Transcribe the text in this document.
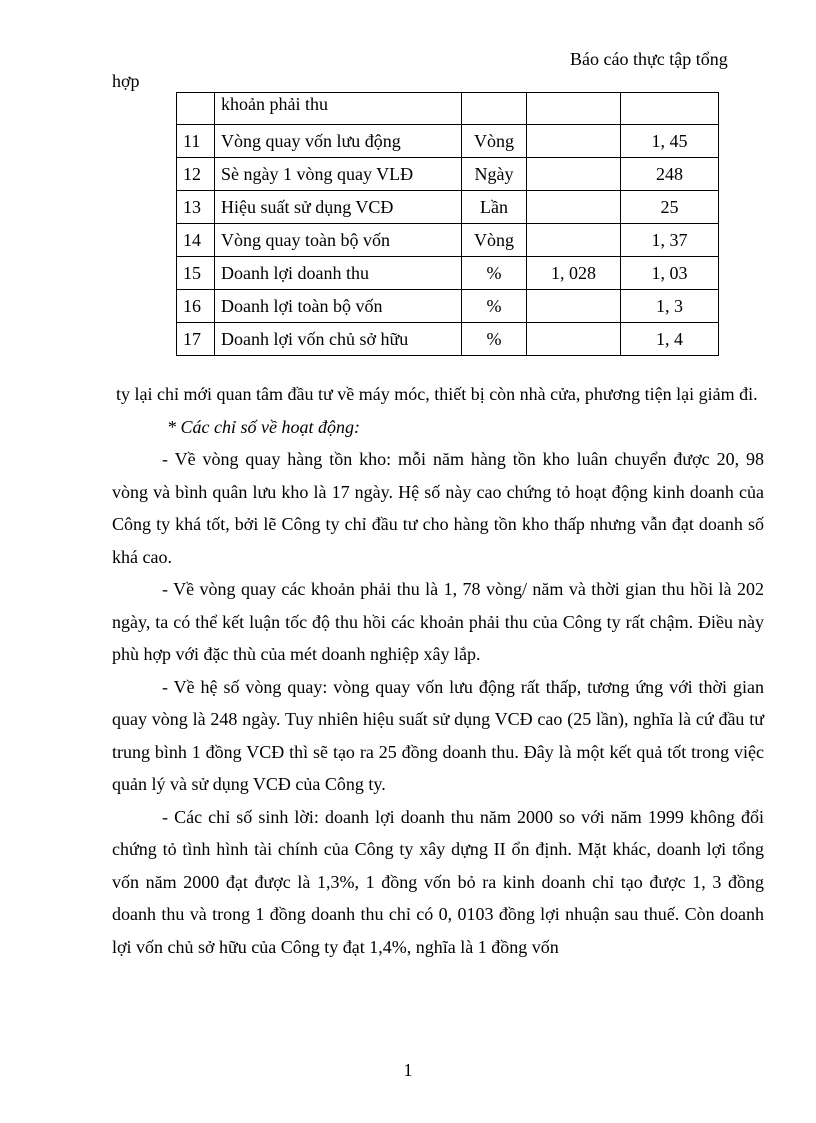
Báo cáo thực tập tổng
hợp
	khoản phải thu			
11	Vòng quay vốn lưu động	Vòng		1, 45
12	Sè ngày 1 vòng quay VLĐ	Ngày		248
13	Hiệu suất sử dụng VCĐ	Lần		25
14	Vòng quay toàn bộ vốn	Vòng		1, 37
15	Doanh lợi doanh thu	%	1, 028	1, 03
16	Doanh lợi toàn bộ vốn	%		1, 3
17	Doanh lợi vốn chủ sở hữu	%		1, 4

ty lại chỉ mới quan tâm đầu tư về máy móc, thiết bị còn nhà cửa, phương tiện lại giảm đi.

* Các chỉ số về hoạt động:

- Về vòng quay hàng tồn kho: mỗi năm hàng tồn kho luân chuyển được 20, 98 vòng và bình quân lưu kho là 17 ngày. Hệ số này cao chứng tỏ hoạt động kinh doanh của Công ty khá tốt, bởi lẽ Công ty chỉ đầu tư cho hàng tồn kho thấp nhưng vẫn đạt doanh số khá cao.

- Về vòng quay các khoản phải thu là 1, 78 vòng/ năm và thời gian thu hồi là 202 ngày, ta có thể kết luận tốc độ thu hồi các khoản phải thu của Công ty rất chậm. Điều này phù hợp với đặc thù của mét doanh nghiệp xây lắp.

- Về hệ số vòng quay: vòng quay vốn lưu động rất thấp, tương ứng với thời gian quay vòng là 248 ngày. Tuy nhiên hiệu suất sử dụng VCĐ cao (25 lần), nghĩa là cứ đầu tư trung bình 1 đồng VCĐ thì sẽ tạo ra 25 đồng doanh thu. Đây là một kết quả tốt trong việc quản lý và sử dụng VCĐ của Công ty.

- Các chỉ số sinh lời: doanh lợi doanh thu năm 2000 so với năm 1999 không đổi chứng tỏ tình hình tài chính của Công ty xây dựng II ổn định. Mặt khác, doanh lợi tổng vốn năm 2000 đạt được là 1,3%, 1 đồng vốn bỏ ra kinh doanh chỉ tạo được 1, 3 đồng doanh thu và trong 1 đồng doanh thu chỉ có 0, 0103 đồng lợi nhuận sau thuế. Còn doanh lợi vốn chủ sở hữu của Công ty đạt 1,4%, nghĩa là 1 đồng vốn

1
